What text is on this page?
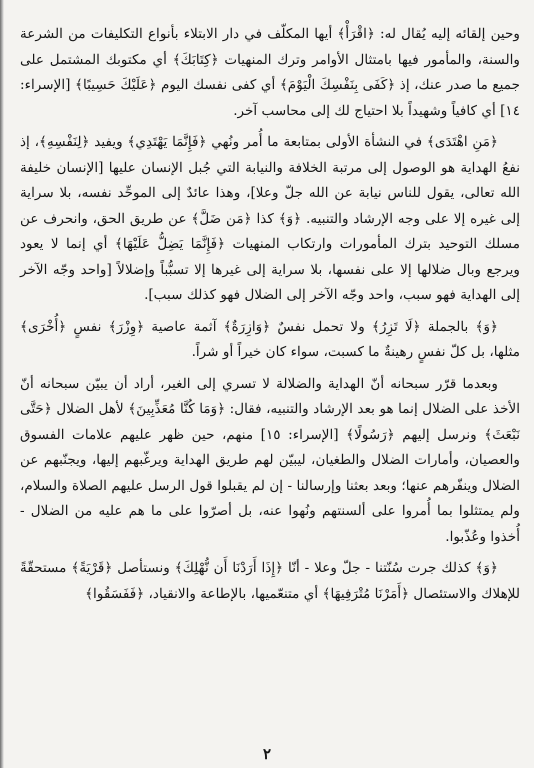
وحين إلقائه إليه يُقال له: ﴿اقْرَأْ﴾ أيها المكلّف في دار الابتلاء بأنواع التكليفات من الشرعة والسنة، والمأمور فيها بامتثال الأوامر وترك المنهيات ﴿كِتَابَكَ﴾ أي مكتوبك المشتمل على جميع ما صدر عنك، إذ ﴿كَفَى بِنَفْسِكَ الْيَوْمَ﴾ أي كفى نفسك اليوم ﴿عَلَيْكَ حَسِيبًا﴾ [الإسراء: ١٤] أي كافياً وشهيداً بلا احتياج لك إلى محاسب آخر.

﴿مَنِ اهْتَدَى﴾ في النشأة الأولى بمتابعة ما أُمر ونُهي ﴿فَإِنَّمَا يَهْتَدِي﴾ ويفيد ﴿لِنَفْسِهِ﴾، إذ نفعُ الهداية هو الوصول إلى مرتبة الخلافة والنيابة التي جُبل الإنسان عليها [الإنسان خليفة الله تعالى، يقول للناس نيابة عن الله جلّ وعلا]، وهذا عائدٌ إلى الموحِّد نفسه، بلا سراية إلى غيره إلا على وجه الإرشاد والتنبيه. ﴿وَ﴾ كذا ﴿مَن ضَلَّ﴾ عن طريق الحق، وانحرف عن مسلك التوحيد بترك المأمورات وارتكاب المنهيات ﴿فَإِنَّمَا يَضِلُّ عَلَيْهَا﴾ أي إنما لا يعود ويرجع وبال ضلالها إلا على نفسها، بلا سراية إلى غيرها إلا تسبُّباً وإضلالاً [واحد وجّه الآخر إلى الهداية فهو سبب، واحد وجّه الآخر إلى الضلال فهو كذلك سبب].

﴿وَ﴾ بالجملة ﴿لَا تَزِرُ﴾ ولا تحمل نفسٌ ﴿وَازِرَةٌ﴾ آثمة عاصية ﴿وِزْرَ﴾ نفسٍ ﴿أُخْرَى﴾ مثلها، بل كلّ نفسٍ رهينةٌ ما كسبت، سواء كان خيراً أو شراً.

وبعدما قرّر سبحانه أنّ الهداية والضلالة لا تسري إلى الغير، أراد أن يبيّن سبحانه أنّ الأخذ على الضلال إنما هو بعد الإرشاد والتنبيه، فقال: ﴿وَمَا كُنَّا مُعَذِّبِينَ﴾ لأهل الضلال ﴿حَتَّى نَبْعَثَ﴾ ونرسل إليهم ﴿رَسُولًا﴾ [الإسراء: ١٥] منهم، حين ظهر عليهم علامات الفسوق والعصيان، وأمارات الضلال والطغيان، ليبيّن لهم طريق الهداية ويرغّبهم إليها، ويجنّبهم عن الضلال وينفّرهم عنها؛ وبعد بعثنا وإرسالنا - إن لم يقبلوا قول الرسل عليهم الصلاة والسلام، ولم يمتثلوا بما أُمروا على ألسنتهم ونُهوا عنه، بل أصرّوا على ما هم عليه من الضلال - أُخذوا وعُذّبوا.

﴿وَ﴾ كذلك جرت سُنّتنا - جلّ وعلا - أنّا ﴿إِذَا أَرَدْنَا أَن نُّهْلِكَ﴾ ونستأصل ﴿قَرْيَةً﴾ مستحقّةً للإهلاك والاستئصال ﴿أَمَرْنَا مُتْرَفِيهَا﴾ أي متنعّميها، بالإطاعة والانقياد، ﴿فَفَسَقُوا﴾

٢
